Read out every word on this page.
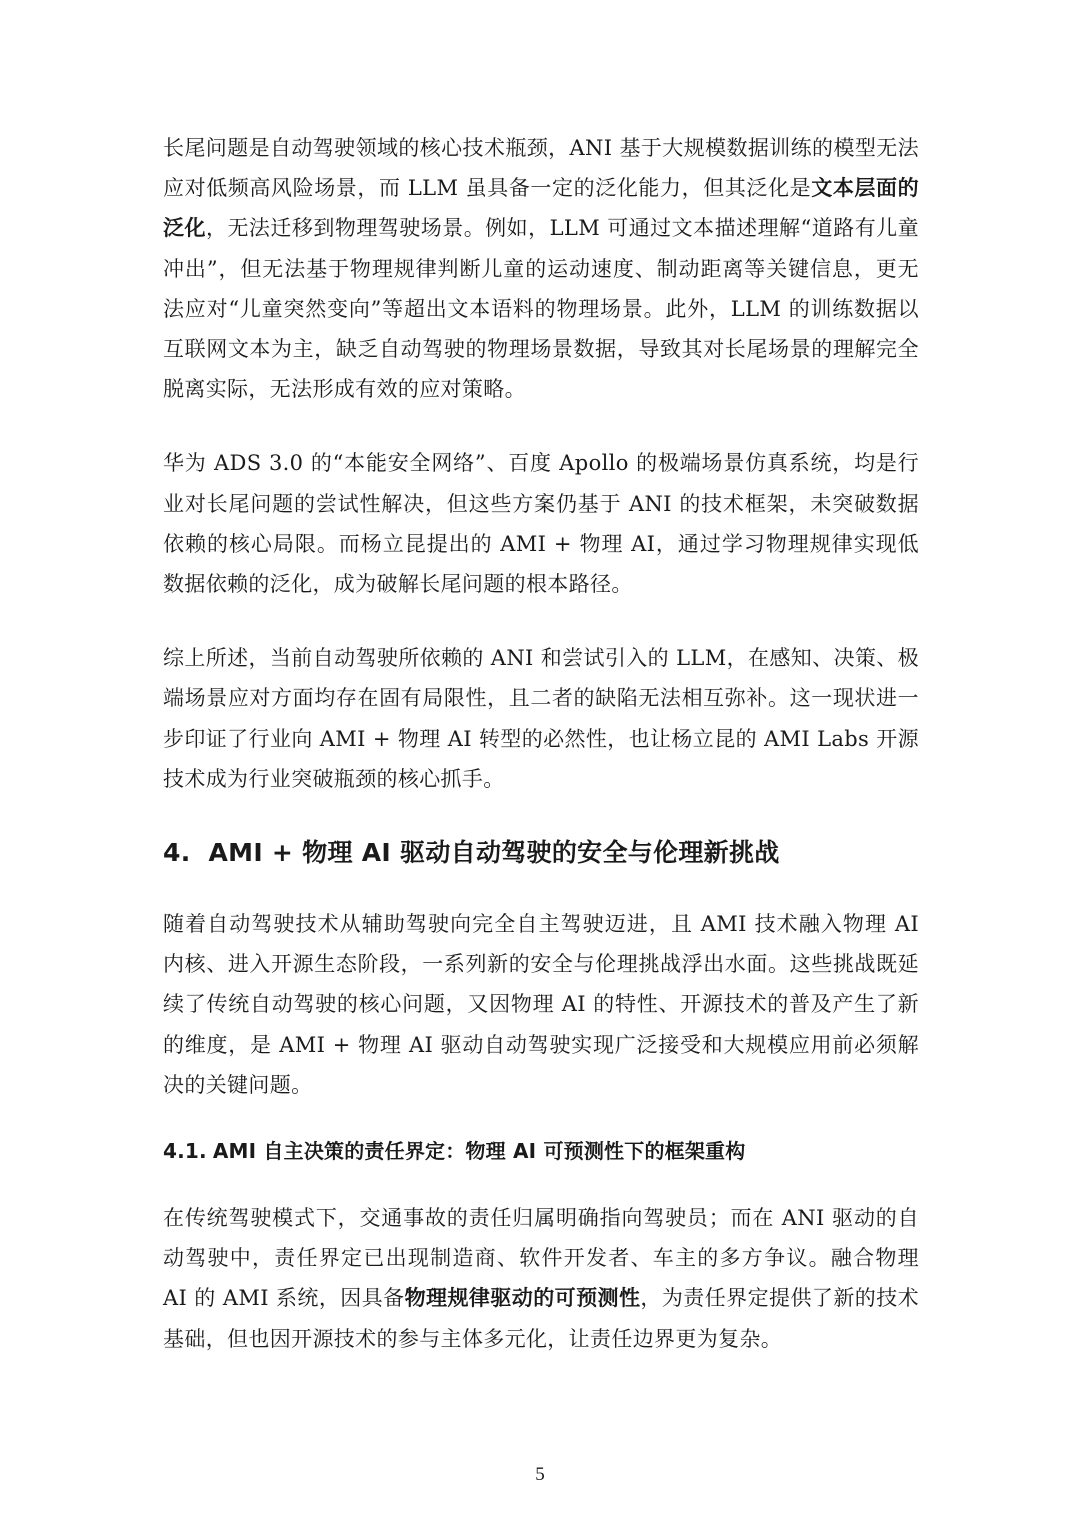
长尾问题是自动驾驶领域的核心技术瓶颈，ANI 基于大规模数据训练的模型无法应对低频高风险场景，而 LLM 虽具备一定的泛化能力，但其泛化是文本层面的泛化，无法迁移到物理驾驶场景。例如，LLM 可通过文本描述理解“道路有儿童冲出”，但无法基于物理规律判断儿童的运动速度、制动距离等关键信息，更无法应对“儿童突然变向”等超出文本语料的物理场景。此外，LLM 的训练数据以互联网文本为主，缺乏自动驾驶的物理场景数据，导致其对长尾场景的理解完全脱离实际，无法形成有效的应对策略。

华为 ADS 3.0 的“本能安全网络”、百度 Apollo 的极端场景仿真系统，均是行业对长尾问题的尝试性解决，但这些方案仍基于 ANI 的技术框架，未突破数据依赖的核心局限。而杨立昆提出的 AMI + 物理 AI，通过学习物理规律实现低数据依赖的泛化，成为破解长尾问题的根本路径。

综上所述，当前自动驾驶所依赖的 ANI 和尝试引入的 LLM，在感知、决策、极端场景应对方面均存在固有局限性，且二者的缺陷无法相互弥补。这一现状进一步印证了行业向 AMI + 物理 AI 转型的必然性，也让杨立昆的 AMI Labs 开源技术成为行业突破瓶颈的核心抓手。

4. AMI + 物理 AI 驱动自动驾驶的安全与伦理新挑战

随着自动驾驶技术从辅助驾驶向完全自主驾驶迈进，且 AMI 技术融入物理 AI 内核、进入开源生态阶段，一系列新的安全与伦理挑战浮出水面。这些挑战既延续了传统自动驾驶的核心问题，又因物理 AI 的特性、开源技术的普及产生了新的维度，是 AMI + 物理 AI 驱动自动驾驶实现广泛接受和大规模应用前必须解决的关键问题。

4.1. AMI 自主决策的责任界定：物理 AI 可预测性下的框架重构

在传统驾驶模式下，交通事故的责任归属明确指向驾驶员；而在 ANI 驱动的自动驾驶中，责任界定已出现制造商、软件开发者、车主的多方争议。融合物理 AI 的 AMI 系统，因具备物理规律驱动的可预测性，为责任界定提供了新的技术基础，但也因开源技术的参与主体多元化，让责任边界更为复杂。

5
